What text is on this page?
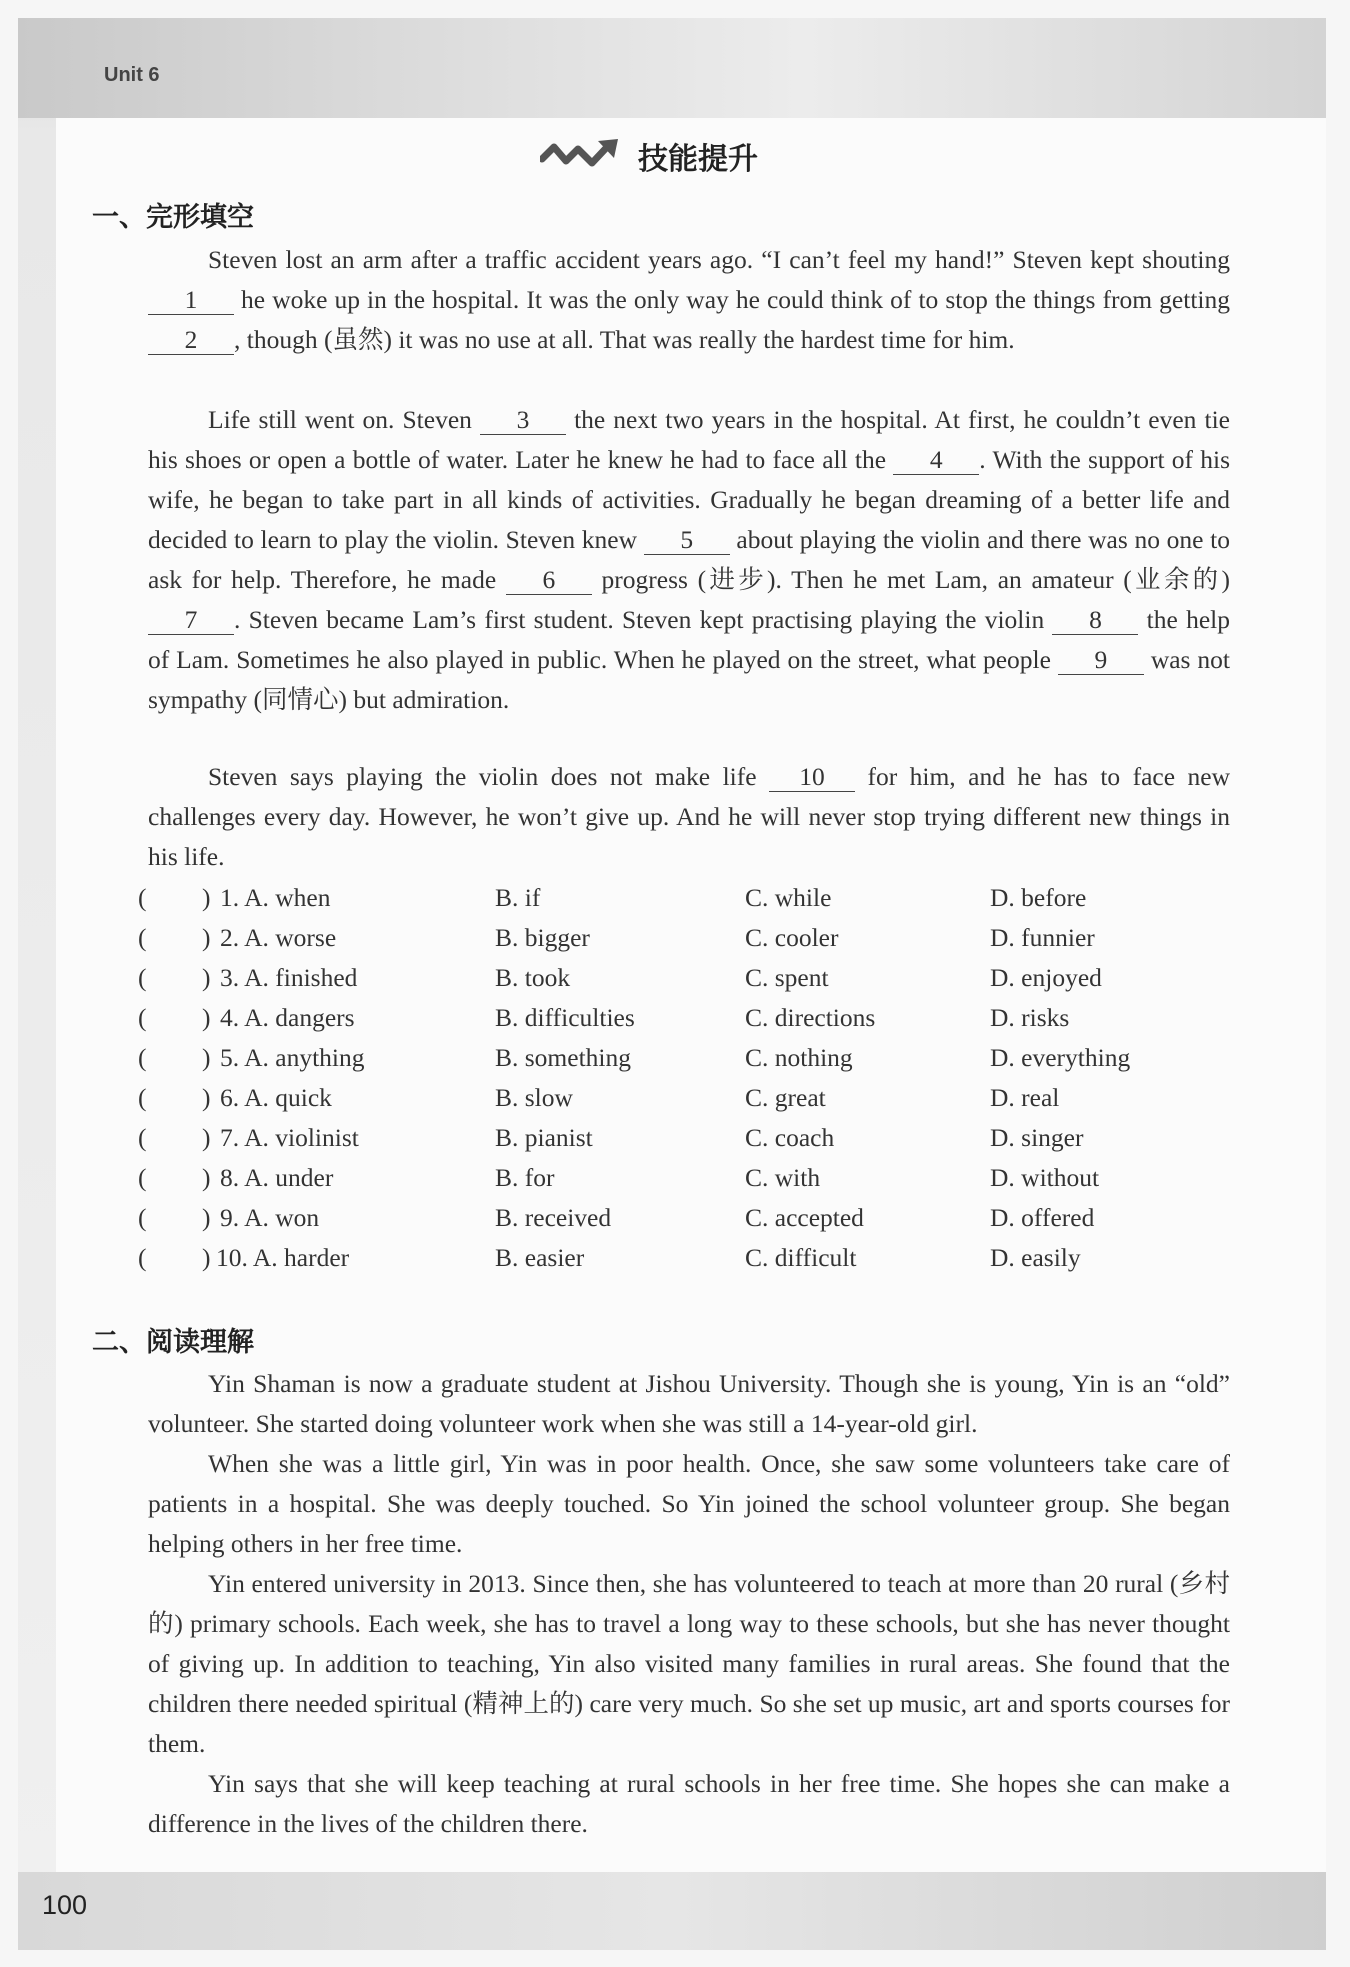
Unit 6
100
技能提升
一、完形填空

Steven lost an arm after a traffic accident years ago. “I can’t feel my hand!” Steven kept shouting 1 he woke up in the hospital. It was the only way he could think of to stop the things from getting 2 , though (虽然) it was no use at all. That was really the hardest time for him.

Life still went on. Steven 3 the next two years in the hospital. At first, he couldn’t even tie his shoes or open a bottle of water. Later he knew he had to face all the 4 . With the support of his wife, he began to take part in all kinds of activities. Gradually he began dreaming of a better life and decided to learn to play the violin. Steven knew 5 about playing the violin and there was no one to ask for help. Therefore, he made 6 progress (进步). Then he met Lam, an amateur (业余的) 7 . Steven became Lam’s first student. Steven kept practising playing the violin 8 the help of Lam. Sometimes he also played in public. When he played on the street, what people 9 was not sympathy (同情心) but admiration.

Steven says playing the violin does not make life 10 for him, and he has to face new challenges every day. However, he won’t give up. And he will never stop trying different new things in his life.

( ) 1. A. when	B. if	C. while	D. before
( ) 2. A. worse	B. bigger	C. cooler	D. funnier
( ) 3. A. finished	B. took	C. spent	D. enjoyed
( ) 4. A. dangers	B. difficulties	C. directions	D. risks
( ) 5. A. anything	B. something	C. nothing	D. everything
( ) 6. A. quick	B. slow	C. great	D. real
( ) 7. A. violinist	B. pianist	C. coach	D. singer
( ) 8. A. under	B. for	C. with	D. without
( ) 9. A. won	B. received	C. accepted	D. offered
( ) 10. A. harder	B. easier	C. difficult	D. easily
二、阅读理解

Yin Shaman is now a graduate student at Jishou University. Though she is young, Yin is an “old” volunteer. She started doing volunteer work when she was still a 14-year-old girl.

When she was a little girl, Yin was in poor health. Once, she saw some volunteers take care of patients in a hospital. She was deeply touched. So Yin joined the school volunteer group. She began helping others in her free time.

Yin entered university in 2013. Since then, she has volunteered to teach at more than 20 rural (乡村的) primary schools. Each week, she has to travel a long way to these schools, but she has never thought of giving up. In addition to teaching, Yin also visited many families in rural areas. She found that the children there needed spiritual (精神上的) care very much. So she set up music, art and sports courses for them.

Yin says that she will keep teaching at rural schools in her free time. She hopes she can make a difference in the lives of the children there.
